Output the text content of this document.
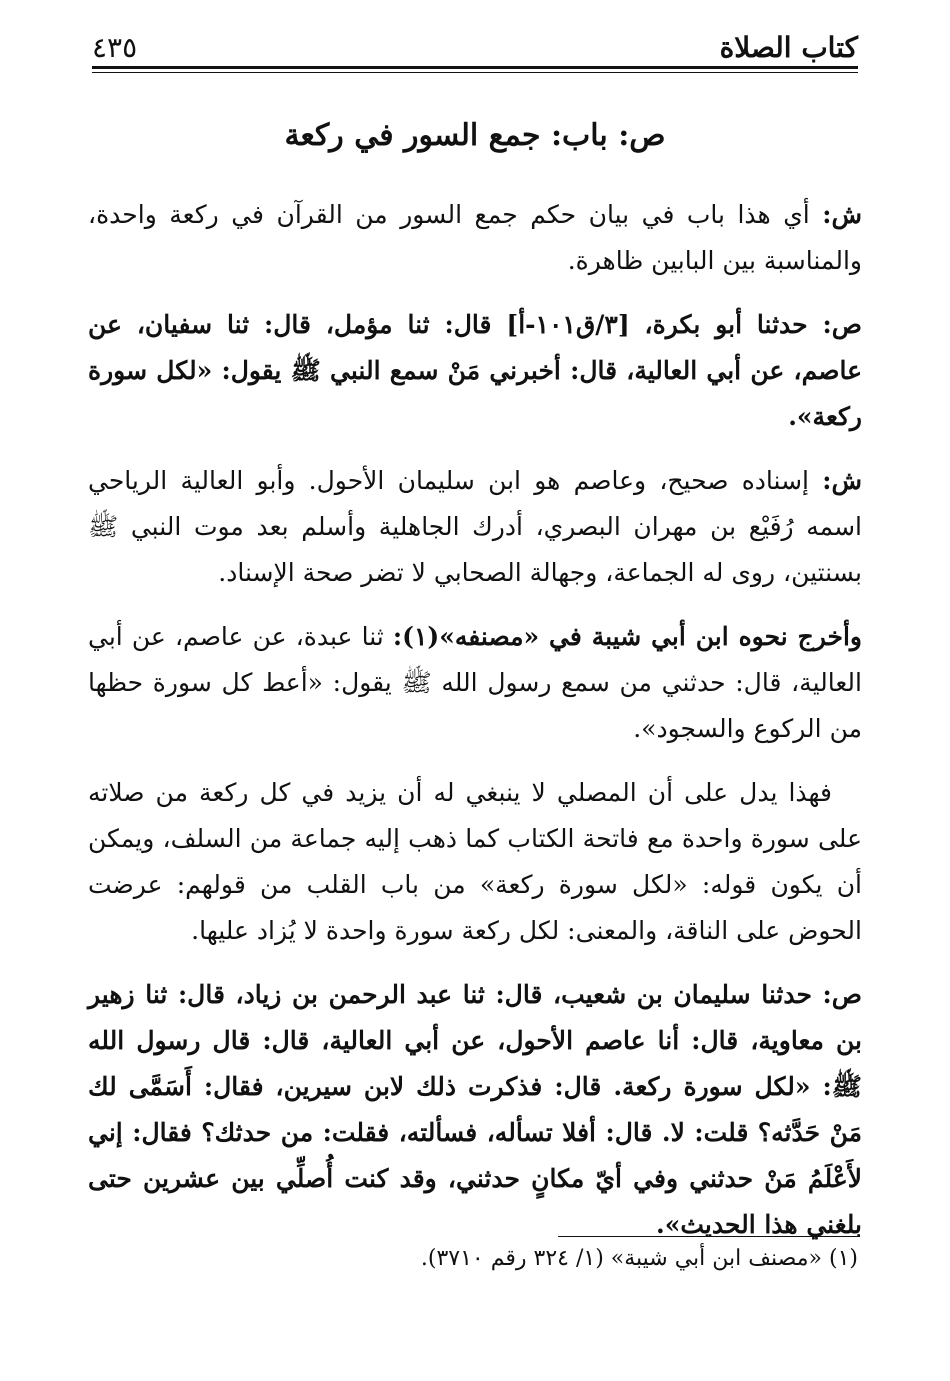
كتاب الصلاة
٤٣٥
ص: باب: جمع السور في ركعة

ش: أي هذا باب في بيان حكم جمع السور من القرآن في ركعة واحدة، والمناسبة بين البابين ظاهرة.

ص: حدثنا أبو بكرة، [٣/ق١٠١-أ] قال: ثنا مؤمل، قال: ثنا سفيان، عن عاصم، عن أبي العالية، قال: أخبرني مَنْ سمع النبي ﷺ يقول: «لكل سورة ركعة».

ش: إسناده صحيح، وعاصم هو ابن سليمان الأحول. وأبو العالية الرياحي اسمه رُفَيْع بن مهران البصري، أدرك الجاهلية وأسلم بعد موت النبي ﷺ بسنتين، روى له الجماعة، وجهالة الصحابي لا تضر صحة الإسناد.

وأخرج نحوه ابن أبي شيبة في «مصنفه»(١): ثنا عبدة، عن عاصم، عن أبي العالية، قال: حدثني من سمع رسول الله ﷺ يقول: «أعط كل سورة حظها من الركوع والسجود».

فهذا يدل على أن المصلي لا ينبغي له أن يزيد في كل ركعة من صلاته على سورة واحدة مع فاتحة الكتاب كما ذهب إليه جماعة من السلف، ويمكن أن يكون قوله: «لكل سورة ركعة» من باب القلب من قولهم: عرضت الحوض على الناقة، والمعنى: لكل ركعة سورة واحدة لا يُزاد عليها.

ص: حدثنا سليمان بن شعيب، قال: ثنا عبد الرحمن بن زياد، قال: ثنا زهير بن معاوية، قال: أنا عاصم الأحول، عن أبي العالية، قال: قال رسول الله ﷺ: «لكل سورة ركعة. قال: فذكرت ذلك لابن سيرين، فقال: أَسَمَّى لك مَنْ حَدَّثه؟ قلت: لا. قال: أفلا تسأله، فسألته، فقلت: من حدثك؟ فقال: إني لأَعْلَمُ مَنْ حدثني وفي أيّ مكانٍ حدثني، وقد كنت أُصلِّي بين عشرين حتى بلغني هذا الحديث».

(١) «مصنف ابن أبي شيبة» (١/ ٣٢٤ رقم ٣٧١٠).
